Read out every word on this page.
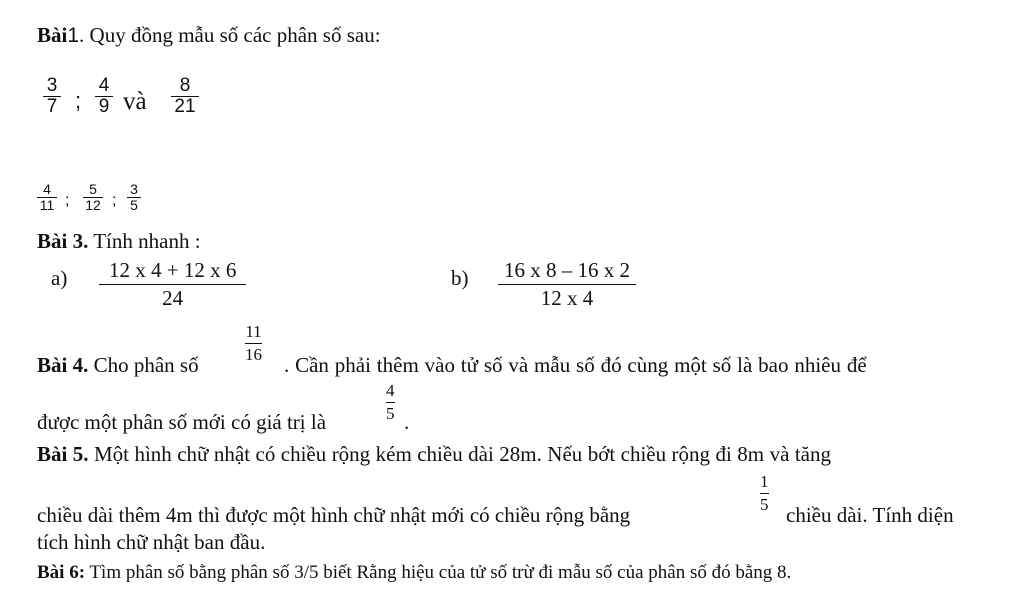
Bài1. Quy đồng mẫu số các phân số sau:
3
7 ;
4
9 và
8
21
4
11 ;
5
12 ;
3
5
Bài 3. Tính nhanh :
a)	12 x 4 + 12 x 6
24
b) 16 x 8 – 16 x 2
12 x 4
Bài 4. Cho phân số
11
16 . Cần phải thêm vào tử số và mẫu số đó cùng một số là bao nhiêu để
được một phân số mới có giá trị là
4
5 .
Bài 5. Một hình chữ nhật có chiều rộng kém chiều dài 28m. Nếu bớt chiều rộng đi 8m và tăng
chiều dài thêm 4m thì được một hình chữ nhật mới có chiều rộng bằng
1
5 chiều dài. Tính diện
tích hình chữ nhật ban đầu.
Bài 6: Tìm phân số bằng phân số 3/5 biết Rằng hiệu của tử số trừ đi mẫu số của phân số đó bằng 8.
